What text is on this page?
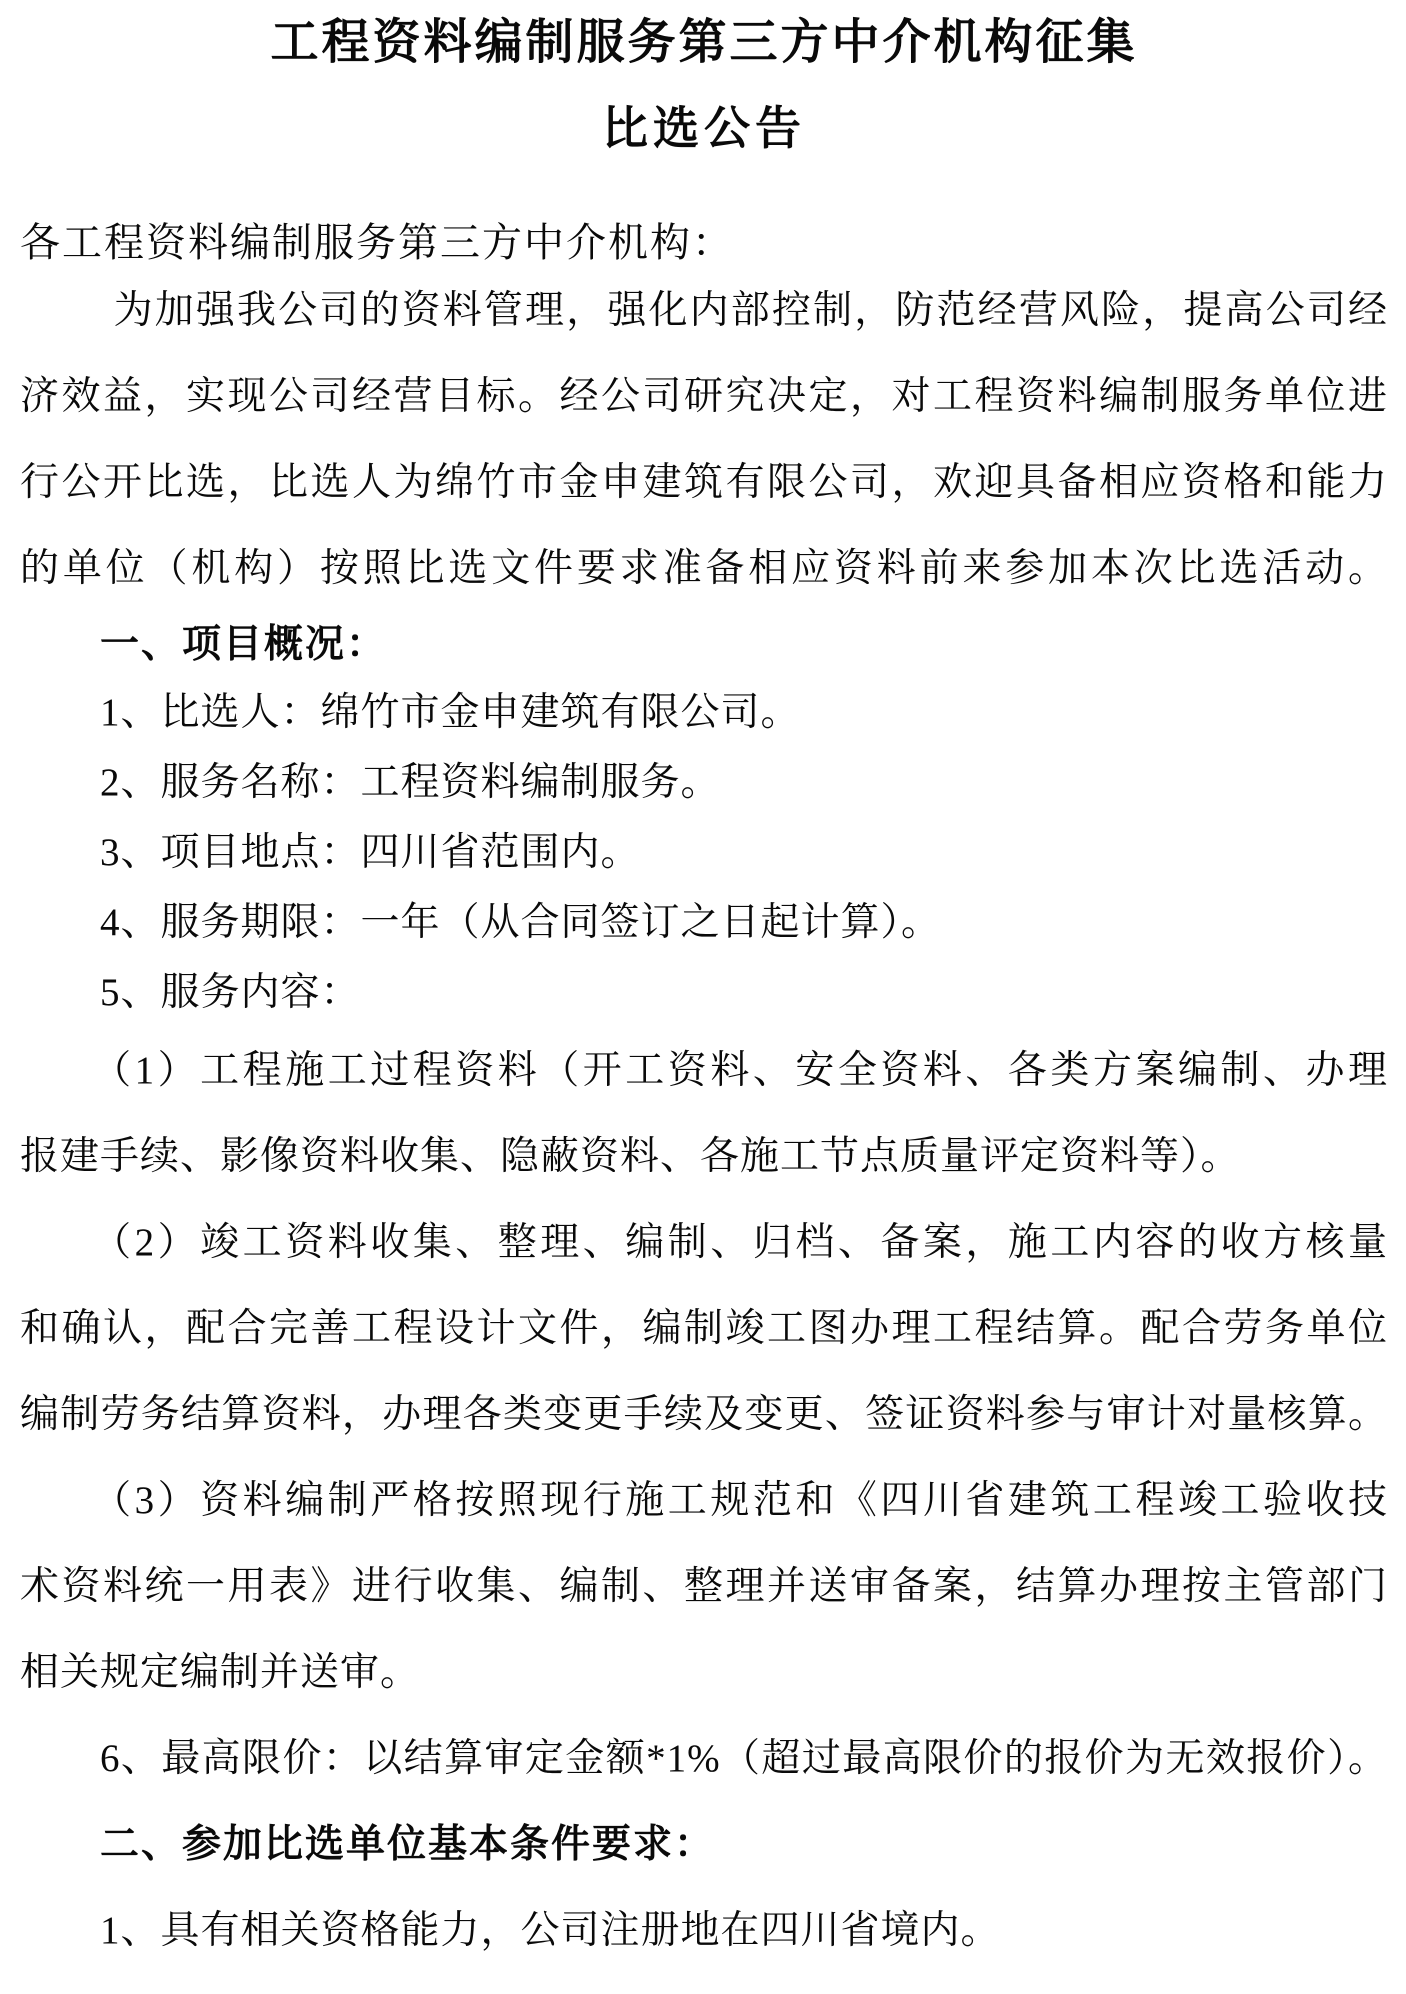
工程资料编制服务第三方中介机构征集
比选公告
各工程资料编制服务第三方中介机构：
为加强我公司的资料管理，强化内部控制，防范经营风险，提高公司经
济效益，实现公司经营目标。经公司研究决定，对工程资料编制服务单位进
行公开比选，比选人为绵竹市金申建筑有限公司，欢迎具备相应资格和能力
的单位（机构）按照比选文件要求准备相应资料前来参加本次比选活动。
一、项目概况：
1、比选人：绵竹市金申建筑有限公司。
2、服务名称：工程资料编制服务。
3、项目地点：四川省范围内。
4、服务期限：一年（从合同签订之日起计算）。
5、服务内容：
（1）工程施工过程资料（开工资料、安全资料、各类方案编制、办理
报建手续、影像资料收集、隐蔽资料、各施工节点质量评定资料等）。
（2）竣工资料收集、整理、编制、归档、备案，施工内容的收方核量
和确认，配合完善工程设计文件，编制竣工图办理工程结算。配合劳务单位
编制劳务结算资料，办理各类变更手续及变更、签证资料参与审计对量核算。
（3）资料编制严格按照现行施工规范和《四川省建筑工程竣工验收技
术资料统一用表》进行收集、编制、整理并送审备案，结算办理按主管部门
相关规定编制并送审。
6、最高限价：以结算审定金额*1%（超过最高限价的报价为无效报价）。
二、参加比选单位基本条件要求：
1、具有相关资格能力，公司注册地在四川省境内。
